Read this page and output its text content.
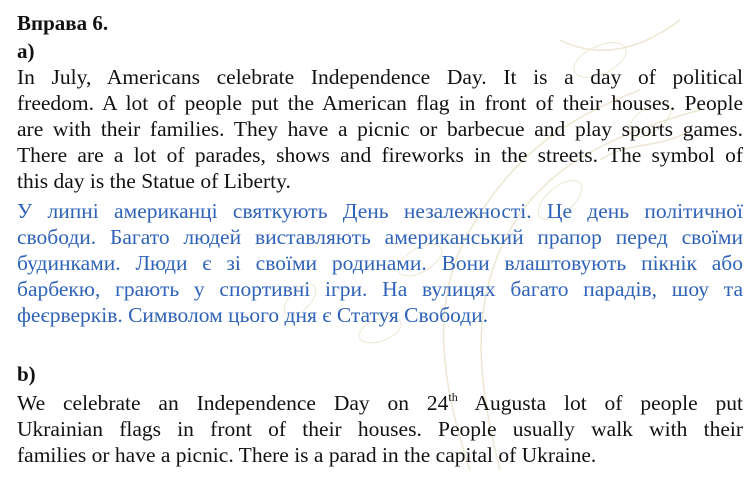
Вправа 6.
a)
In July, Americans celebrate Independence Day. It is a day of political
freedom. A lot of people put the American flag in front of their houses. People
are with their families. They have a picnic or barbecue and play sports games.
There are a lot of parades, shows and fireworks in the streets. The symbol of
this day is the Statue of Liberty.
У липні американці святкують День незалежності. Це день політичної
свободи. Багато людей виставляють американський прапор перед своїми
будинками. Люди є зі своїми родинами. Вони влаштовують пікнік або
барбекю, грають у спортивні ігри. На вулицях багато парадів, шоу та
феєрверків. Символом цього дня є Статуя Свободи.
b)
We celebrate an Independence Day on 24th Augusta lot of people put
Ukrainian flags in front of their houses. People usually walk with their
families or have a picnic. There is a parad in the capital of Ukraine.
